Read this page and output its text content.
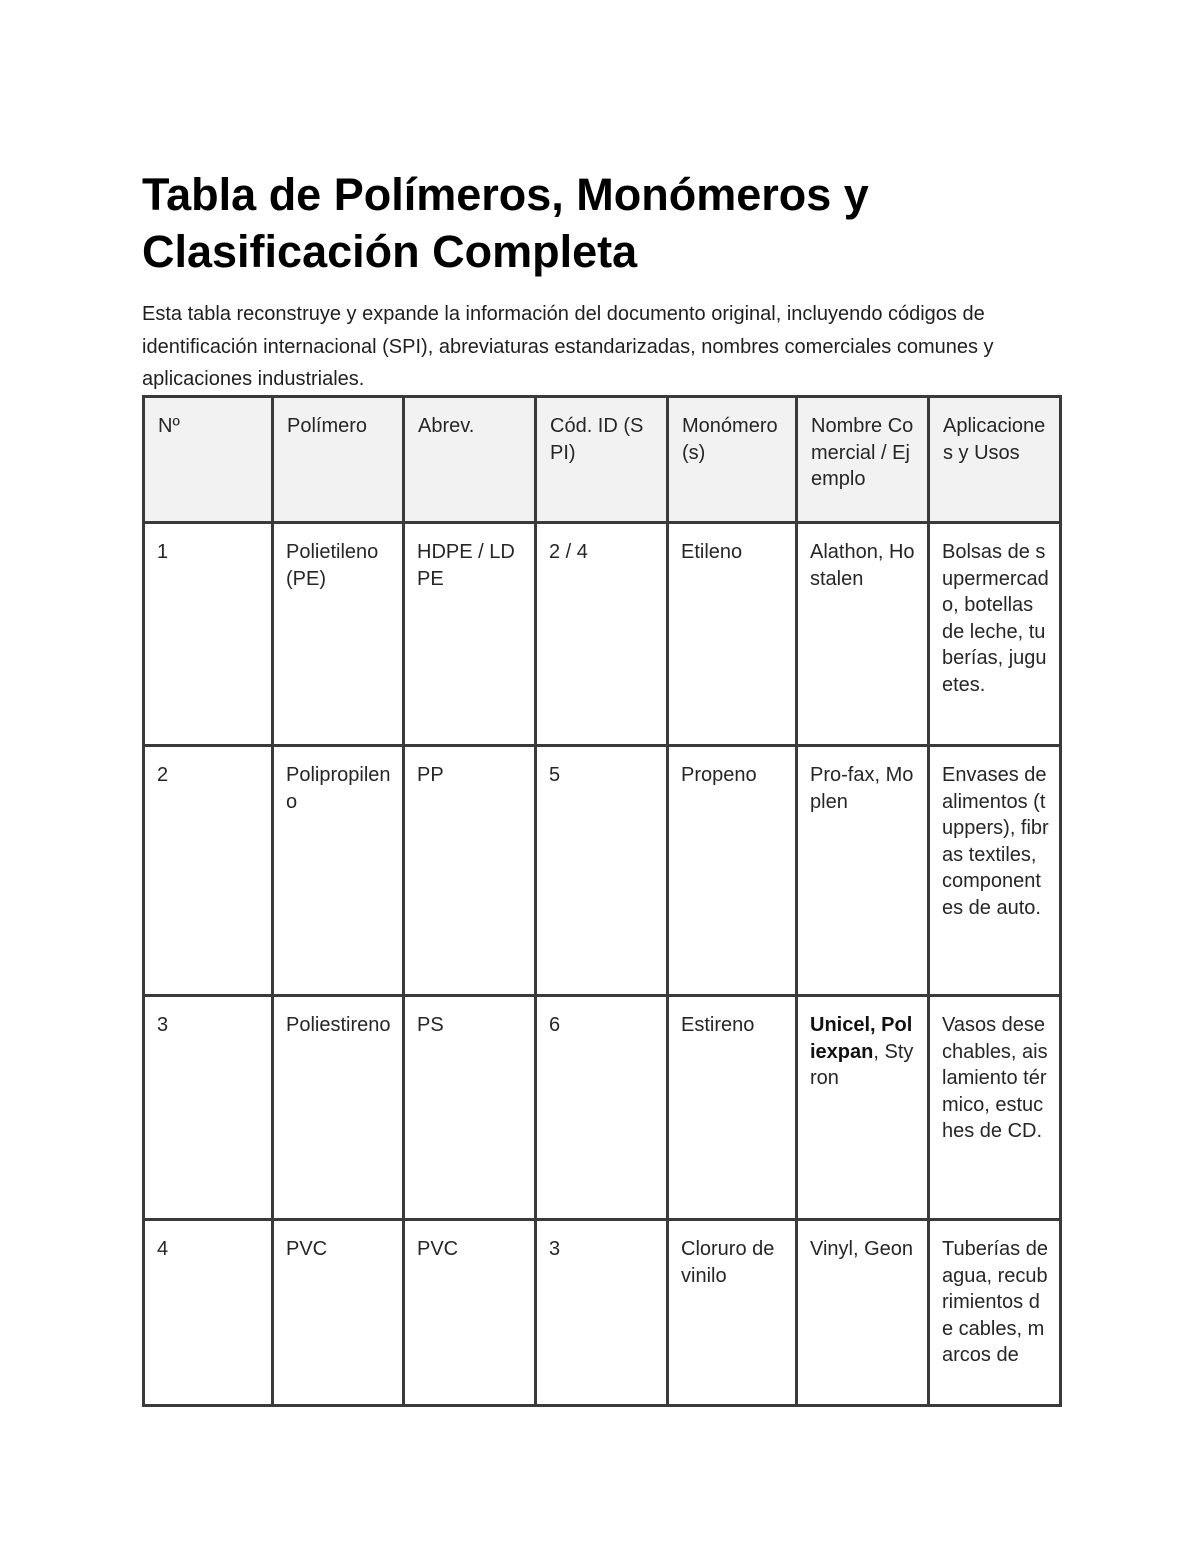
Tabla de Polímeros, Monómeros y Clasificación Completa

Esta tabla reconstruye y expande la información del documento original, incluyendo códigos de identificación internacional (SPI), abreviaturas estandarizadas, nombres comerciales comunes y aplicaciones industriales.

Nº	Polímero	Abrev.	Cód. ID (SPI)	Monómero(s)	Nombre Comercial / Ejemplo	Aplicaciones y Usos
1	Polietileno (PE)	HDPE / LDPE	2 / 4	Etileno	Alathon, Hostalen	Bolsas de supermercado, botellas de leche, tuberías, juguetes.
2	Polipropileno	PP	5	Propeno	Pro-fax, Moplen	Envases de alimentos (tuppers), fibras textiles, componentes de auto.
3	Poliestireno	PS	6	Estireno	Unicel, Poliexpan, Styron	Vasos desechables, aislamiento térmico, estuches de CD.
4	PVC	PVC	3	Cloruro de vinilo	Vinyl, Geon	Tuberías de agua, recubrimientos de cables, marcos de
